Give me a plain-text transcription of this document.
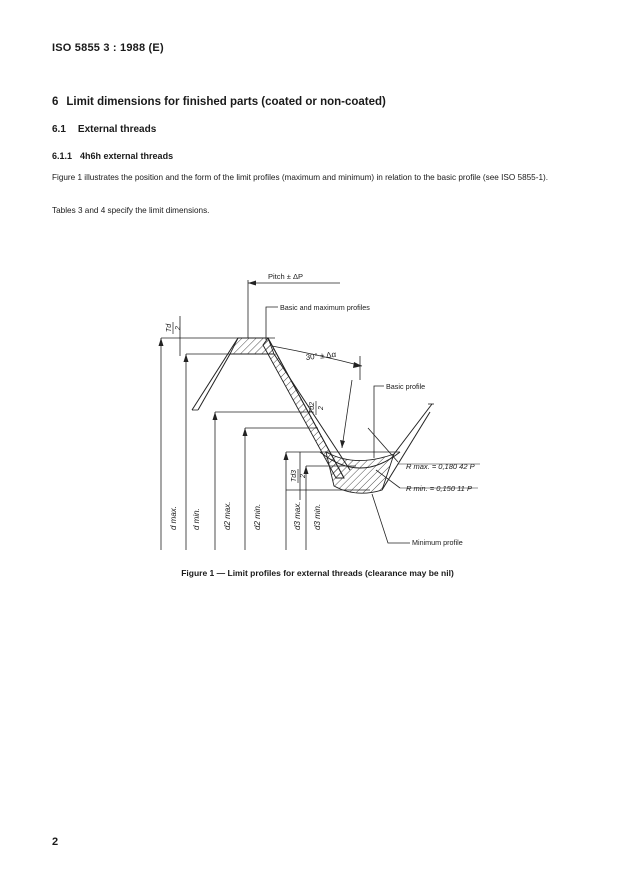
ISO 5855 3 : 1988 (E)
6 Limit dimensions for finished parts (coated or non-coated)
6.1 External threads
6.1.1 4h6h external threads
Figure 1 illustrates the position and the form of the limit profiles (maximum and minimum) in relation to the basic profile (see ISO 5855-1).
Tables 3 and 4 specify the limit dimensions.
Pitch ± ΔP
Basic and maximum profiles
Td 2
30° ± Δα
Basic profile
Td2 2
Td3 2
R max. = 0,180 42 P
R min. = 0,150 11 P
Minimum profile
d max. d min.	d2 max.	d2 min.	d3 max. d3 min.
Figure 1 — Limit profiles for external threads (clearance may be nil)
2
